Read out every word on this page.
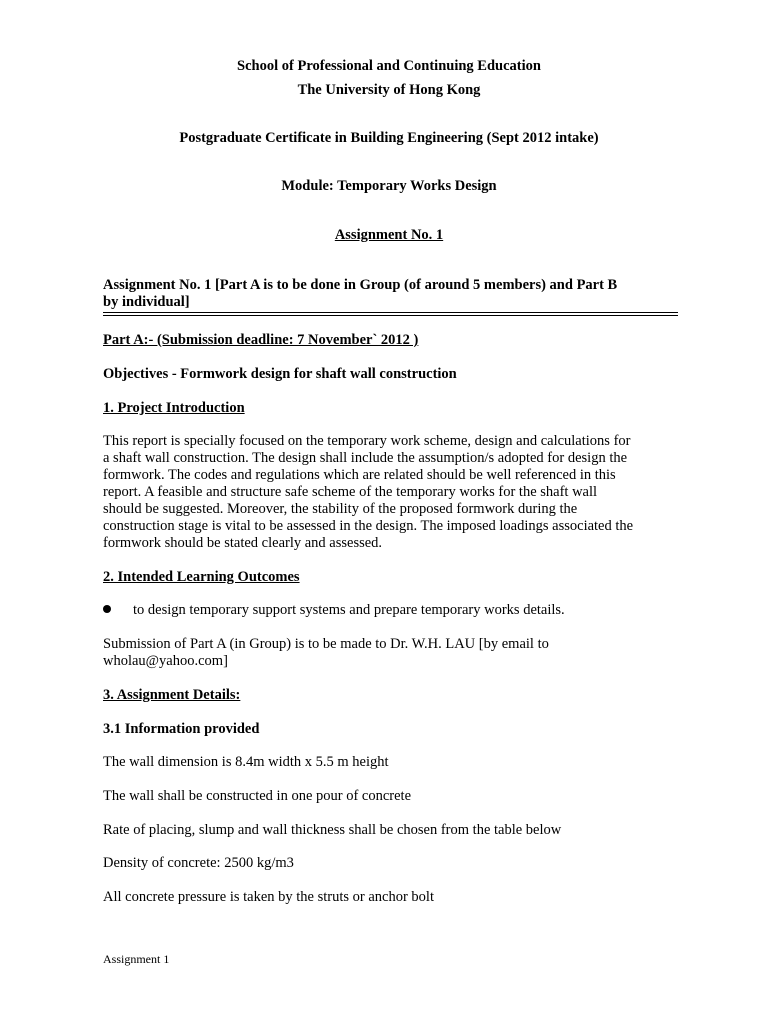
School of Professional and Continuing Education
The University of Hong Kong
Postgraduate Certificate in Building Engineering (Sept 2012 intake)
Module: Temporary Works Design
Assignment No. 1
Assignment No. 1 [Part A is to be done in Group (of around 5 members) and Part B
by individual]
Part A:- (Submission deadline: 7 November` 2012 )
Objectives - Formwork design for shaft wall construction
1. Project Introduction
This report is specially focused on the temporary work scheme, design and calculations for
a shaft wall construction. The design shall include the assumption/s adopted for design the
formwork. The codes and regulations which are related should be well referenced in this
report. A feasible and structure safe scheme of the temporary works for the shaft wall
should be suggested. Moreover, the stability of the proposed formwork during the
construction stage is vital to be assessed in the design. The imposed loadings associated the
formwork should be stated clearly and assessed.
2. Intended Learning Outcomes
to design temporary support systems and prepare temporary works details.
Submission of Part A (in Group) is to be made to Dr. W.H. LAU [by email to
wholau@yahoo.com]
3. Assignment Details:
3.1 Information provided
The wall dimension is 8.4m width x 5.5 m height
The wall shall be constructed in one pour of concrete
Rate of placing, slump and wall thickness shall be chosen from the table below
Density of concrete: 2500 kg/m3
All concrete pressure is taken by the struts or anchor bolt
Assignment 1
